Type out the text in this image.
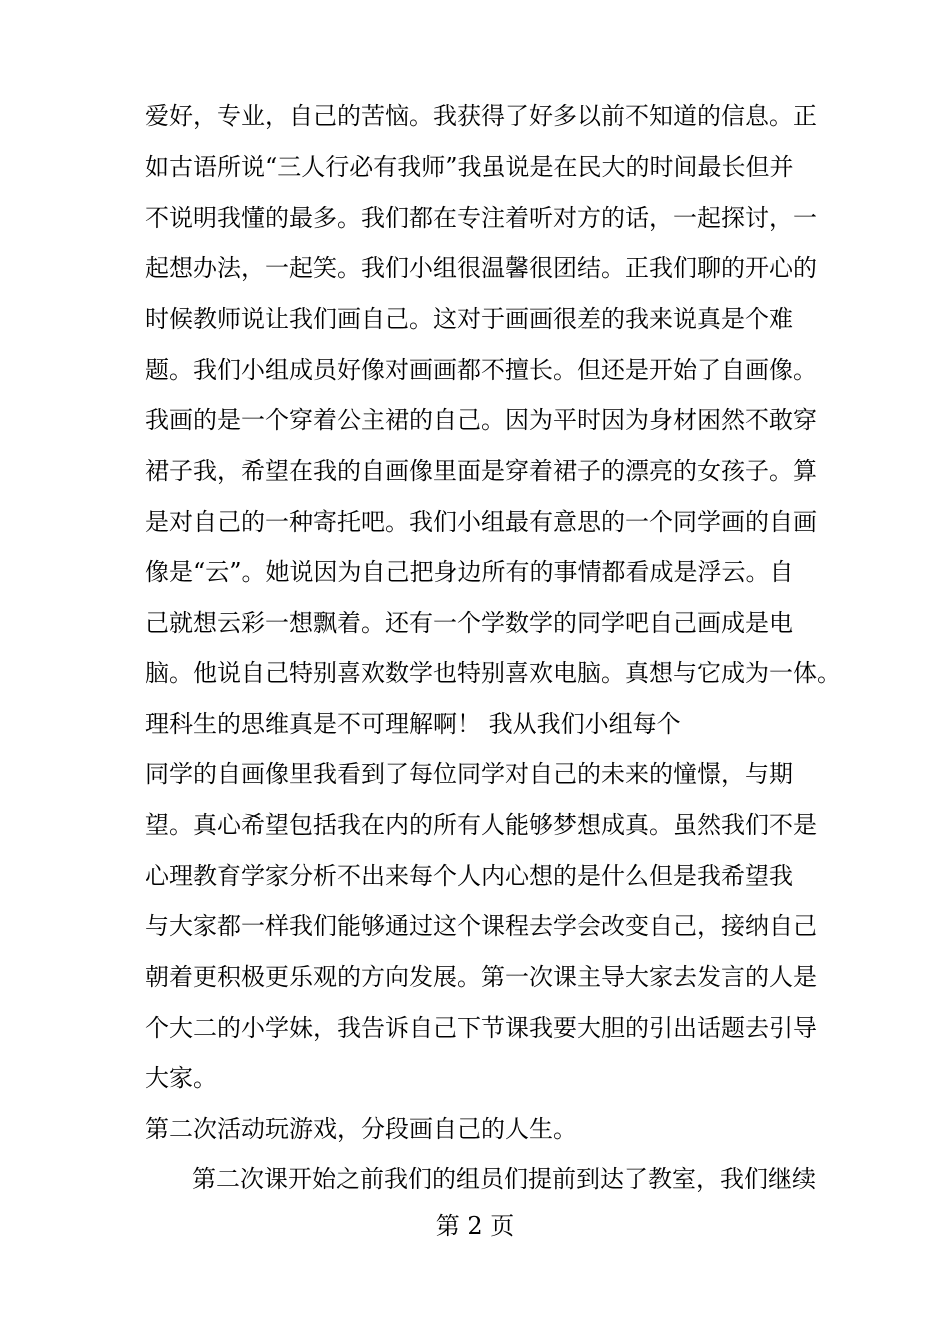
爱好，专业，自己的苦恼。我获得了好多以前不知道的信息。正
如古语所说“三人行必有我师”我虽说是在民大的时间最长但并
不说明我懂的最多。我们都在专注着听对方的话，一起探讨，一
起想办法，一起笑。我们小组很温馨很团结。正我们聊的开心的
时候教师说让我们画自己。这对于画画很差的我来说真是个难
题。我们小组成员好像对画画都不擅长。但还是开始了自画像。
我画的是一个穿着公主裙的自己。因为平时因为身材困然不敢穿
裙子我，希望在我的自画像里面是穿着裙子的漂亮的女孩子。算
是对自己的一种寄托吧。我们小组最有意思的一个同学画的自画
像是“云”。她说因为自己把身边所有的事情都看成是浮云。自
己就想云彩一想飘着。还有一个学数学的同学吧自己画成是电
脑。他说自己特别喜欢数学也特别喜欢电脑。真想与它成为一体。
理科生的思维真是不可理解啊！ 我从我们小组每个
同学的自画像里我看到了每位同学对自己的未来的憧憬，与期
望。真心希望包括我在内的所有人能够梦想成真。虽然我们不是
心理教育学家分析不出来每个人内心想的是什么但是我希望我
与大家都一样我们能够通过这个课程去学会改变自己，接纳自己
朝着更积极更乐观的方向发展。第一次课主导大家去发言的人是
个大二的小学妹，我告诉自己下节课我要大胆的引出话题去引导
大家。
第二次活动玩游戏，分段画自己的人生。
第二次课开始之前我们的组员们提前到达了教室，我们继续
第 2 页
